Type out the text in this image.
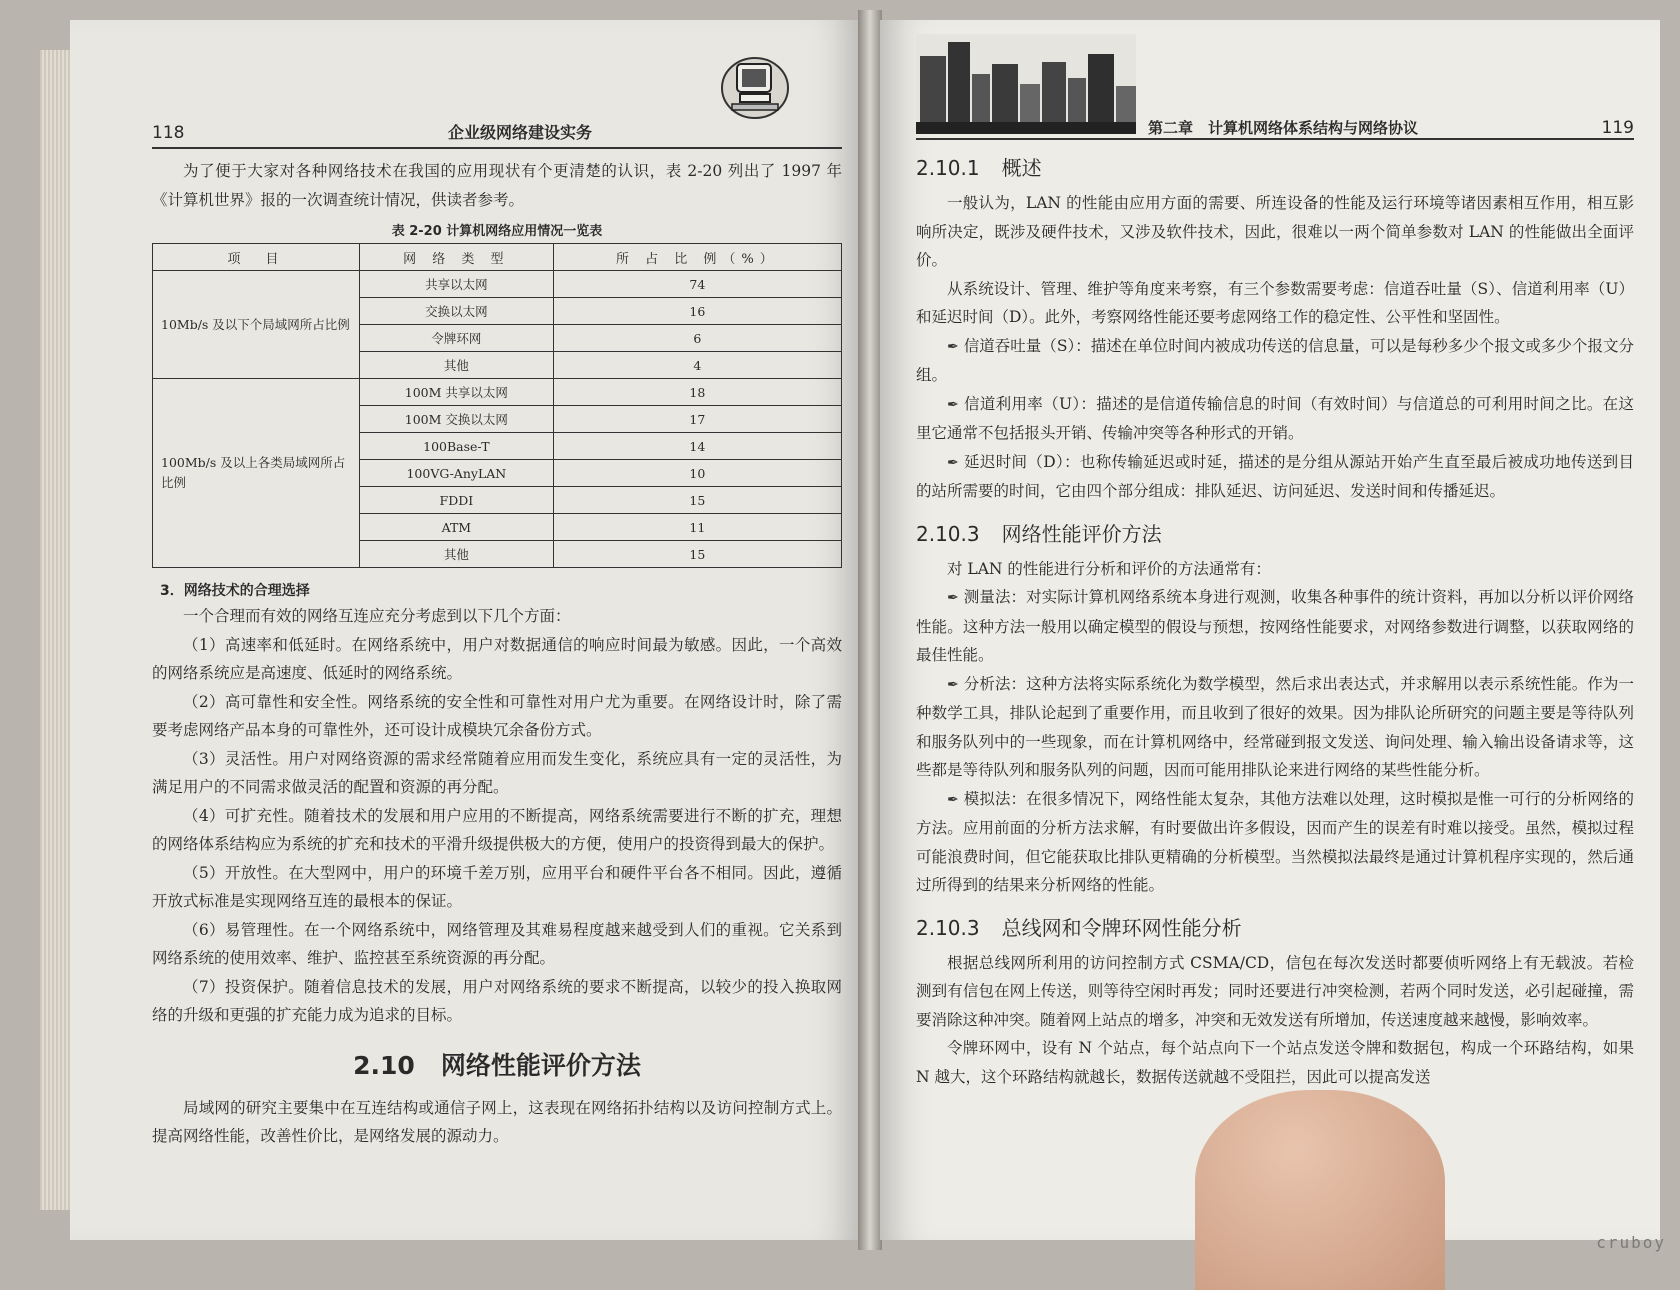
118	企业级网络建设实务

为了便于大家对各种网络技术在我国的应用现状有个更清楚的认识，表 2-20 列出了 1997 年《计算机世界》报的一次调查统计情况，供读者参考。

表 2-20 计算机网络应用情况一览表
项　目	网 络 类 型	所 占 比 例（%）
10Mb/s 及以下个局域网所占比例	共享以太网	74
	交换以太网	16
	令牌环网	6
	其他	4
100Mb/s 及以上各类局域网所占比例	100M 共享以太网	18
	100M 交换以太网	17
	100Base-T	14
	100VG-AnyLAN	10
	FDDI	15
	ATM	11
	其他	15
3．网络技术的合理选择

一个合理而有效的网络互连应充分考虑到以下几个方面：

（1）高速率和低延时。在网络系统中，用户对数据通信的响应时间最为敏感。因此，一个高效的网络系统应是高速度、低延时的网络系统。

（2）高可靠性和安全性。网络系统的安全性和可靠性对用户尤为重要。在网络设计时，除了需要考虑网络产品本身的可靠性外，还可设计成模块冗余备份方式。

（3）灵活性。用户对网络资源的需求经常随着应用而发生变化，系统应具有一定的灵活性，为满足用户的不同需求做灵活的配置和资源的再分配。

（4）可扩充性。随着技术的发展和用户应用的不断提高，网络系统需要进行不断的扩充，理想的网络体系结构应为系统的扩充和技术的平滑升级提供极大的方便，使用户的投资得到最大的保护。

（5）开放性。在大型网中，用户的环境千差万别，应用平台和硬件平台各不相同。因此，遵循开放式标准是实现网络互连的最根本的保证。

（6）易管理性。在一个网络系统中，网络管理及其难易程度越来越受到人们的重视。它关系到网络系统的使用效率、维护、监控甚至系统资源的再分配。

（7）投资保护。随着信息技术的发展，用户对网络系统的要求不断提高，以较少的投入换取网络的升级和更强的扩充能力成为追求的目标。

2.10 网络性能评价方法

局域网的研究主要集中在互连结构或通信子网上，这表现在网络拓扑结构以及访问控制方式上。提高网络性能，改善性价比，是网络发展的源动力。

第二章　计算机网络体系结构与网络协议	119
2.10.1 概述

一般认为，LAN 的性能由应用方面的需要、所连设备的性能及运行环境等诸因素相互作用，相互影响所决定，既涉及硬件技术，又涉及软件技术，因此，很难以一两个简单参数对 LAN 的性能做出全面评价。

从系统设计、管理、维护等角度来考察，有三个参数需要考虑：信道吞吐量（S）、信道利用率（U）和延迟时间（D）。此外，考察网络性能还要考虑网络工作的稳定性、公平性和坚固性。

✒ 信道吞吐量（S）：描述在单位时间内被成功传送的信息量，可以是每秒多少个报文或多少个报文分组。

✒ 信道利用率（U）：描述的是信道传输信息的时间（有效时间）与信道总的可利用时间之比。在这里它通常不包括报头开销、传输冲突等各种形式的开销。

✒ 延迟时间（D）：也称传输延迟或时延，描述的是分组从源站开始产生直至最后被成功地传送到目的站所需要的时间，它由四个部分组成：排队延迟、访问延迟、发送时间和传播延迟。

2.10.3 网络性能评价方法

对 LAN 的性能进行分析和评价的方法通常有：

✒ 测量法：对实际计算机网络系统本身进行观测，收集各种事件的统计资料，再加以分析以评价网络性能。这种方法一般用以确定模型的假设与预想，按网络性能要求，对网络参数进行调整，以获取网络的最佳性能。

✒ 分析法：这种方法将实际系统化为数学模型，然后求出表达式，并求解用以表示系统性能。作为一种数学工具，排队论起到了重要作用，而且收到了很好的效果。因为排队论所研究的问题主要是等待队列和服务队列中的一些现象，而在计算机网络中，经常碰到报文发送、询问处理、输入输出设备请求等，这些都是等待队列和服务队列的问题，因而可能用排队论来进行网络的某些性能分析。

✒ 模拟法：在很多情况下，网络性能太复杂，其他方法难以处理，这时模拟是惟一可行的分析网络的方法。应用前面的分析方法求解，有时要做出许多假设，因而产生的误差有时难以接受。虽然，模拟过程可能浪费时间，但它能获取比排队更精确的分析模型。当然模拟法最终是通过计算机程序实现的，然后通过所得到的结果来分析网络的性能。

2.10.3 总线网和令牌环网性能分析

根据总线网所利用的访问控制方式 CSMA/CD，信包在每次发送时都要侦听网络上有无载波。若检测到有信包在网上传送，则等待空闲时再发；同时还要进行冲突检测，若两个同时发送，必引起碰撞，需要消除这种冲突。随着网上站点的增多，冲突和无效发送有所增加，传送速度越来越慢，影响效率。

令牌环网中，设有 N 个站点，每个站点向下一个站点发送令牌和数据包，构成一个环路结构，如果 N 越大，这个环路结构就越长，数据传送就越不受阻拦，因此可以提高发送

cruboy
